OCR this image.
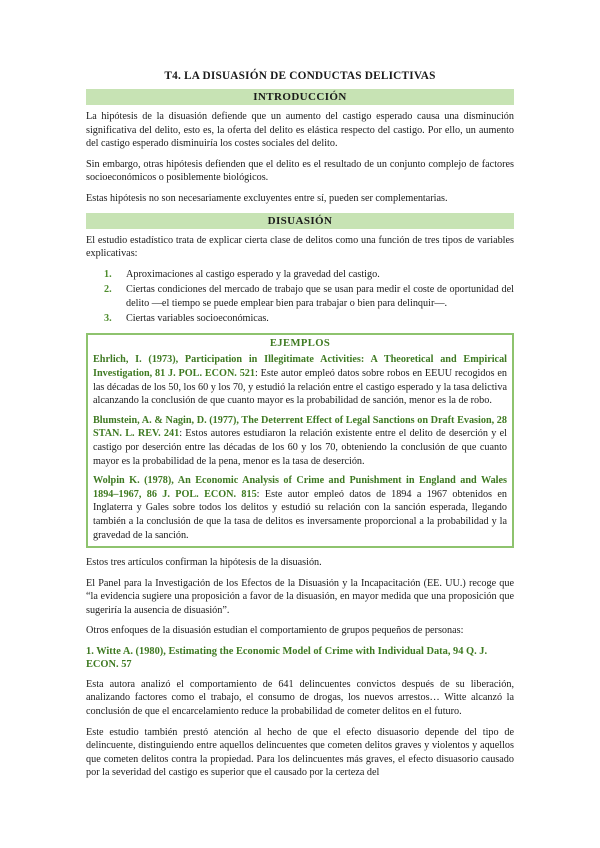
T4. LA DISUASIÓN DE CONDUCTAS DELICTIVAS
INTRODUCCIÓN

La hipótesis de la disuasión defiende que un aumento del castigo esperado causa una disminución significativa del delito, esto es, la oferta del delito es elástica respecto del castigo. Por ello, un aumento del castigo esperado disminuiría los costes sociales del delito.

Sin embargo, otras hipótesis defienden que el delito es el resultado de un conjunto complejo de factores socioeconómicos o posiblemente biológicos.

Estas hipótesis no son necesariamente excluyentes entre sí, pueden ser complementarias.

DISUASIÓN

El estudio estadístico trata de explicar cierta clase de delitos como una función de tres tipos de variables explicativas:

1.	Aproximaciones al castigo esperado y la gravedad del castigo.
2.	Ciertas condiciones del mercado de trabajo que se usan para medir el coste de oportunidad del delito —el tiempo se puede emplear bien para trabajar o bien para delinquir—.
3.	Ciertas variables socioeconómicas.
EJEMPLOS

Ehrlich, I. (1973), Participation in Illegitimate Activities: A Theoretical and Empirical Investigation, 81 J. POL. ECON. 521: Este autor empleó datos sobre robos en EEUU recogidos en las décadas de los 50, los 60 y los 70, y estudió la relación entre el castigo esperado y la tasa delictiva alcanzando la conclusión de que cuanto mayor es la probabilidad de sanción, menor es la de robo.

Blumstein, A. & Nagin, D. (1977), The Deterrent Effect of Legal Sanctions on Draft Evasion, 28 STAN. L. REV. 241: Estos autores estudiaron la relación existente entre el delito de deserción y el castigo por deserción entre las décadas de los 60 y los 70, obteniendo la conclusión de que cuanto mayor es la probabilidad de la pena, menor es la tasa de deserción.

Wolpin K. (1978), An Economic Analysis of Crime and Punishment in England and Wales 1894–1967, 86 J. POL. ECON. 815: Este autor empleó datos de 1894 a 1967 obtenidos en Inglaterra y Gales sobre todos los delitos y estudió su relación con la sanción esperada, llegando también a la conclusión de que la tasa de delitos es inversamente proporcional a la probabilidad y la gravedad de la sanción.

Estos tres artículos confirman la hipótesis de la disuasión.

El Panel para la Investigación de los Efectos de la Disuasión y la Incapacitación (EE. UU.) recoge que “la evidencia sugiere una proposición a favor de la disuasión, en mayor medida que una proposición que sugeriría la ausencia de disuasión”.

Otros enfoques de la disuasión estudian el comportamiento de grupos pequeños de personas:

1. Witte A. (1980), Estimating the Economic Model of Crime with Individual Data, 94 Q. J. ECON. 57

Esta autora analizó el comportamiento de 641 delincuentes convictos después de su liberación, analizando factores como el trabajo, el consumo de drogas, los nuevos arrestos… Witte alcanzó la conclusión de que el encarcelamiento reduce la probabilidad de cometer delitos en el futuro.

Este estudio también prestó atención al hecho de que el efecto disuasorio depende del tipo de delincuente, distinguiendo entre aquellos delincuentes que cometen delitos graves y violentos y aquellos que cometen delitos contra la propiedad. Para los delincuentes más graves, el efecto disuasorio causado por la severidad del castigo es superior que el causado por la certeza del
